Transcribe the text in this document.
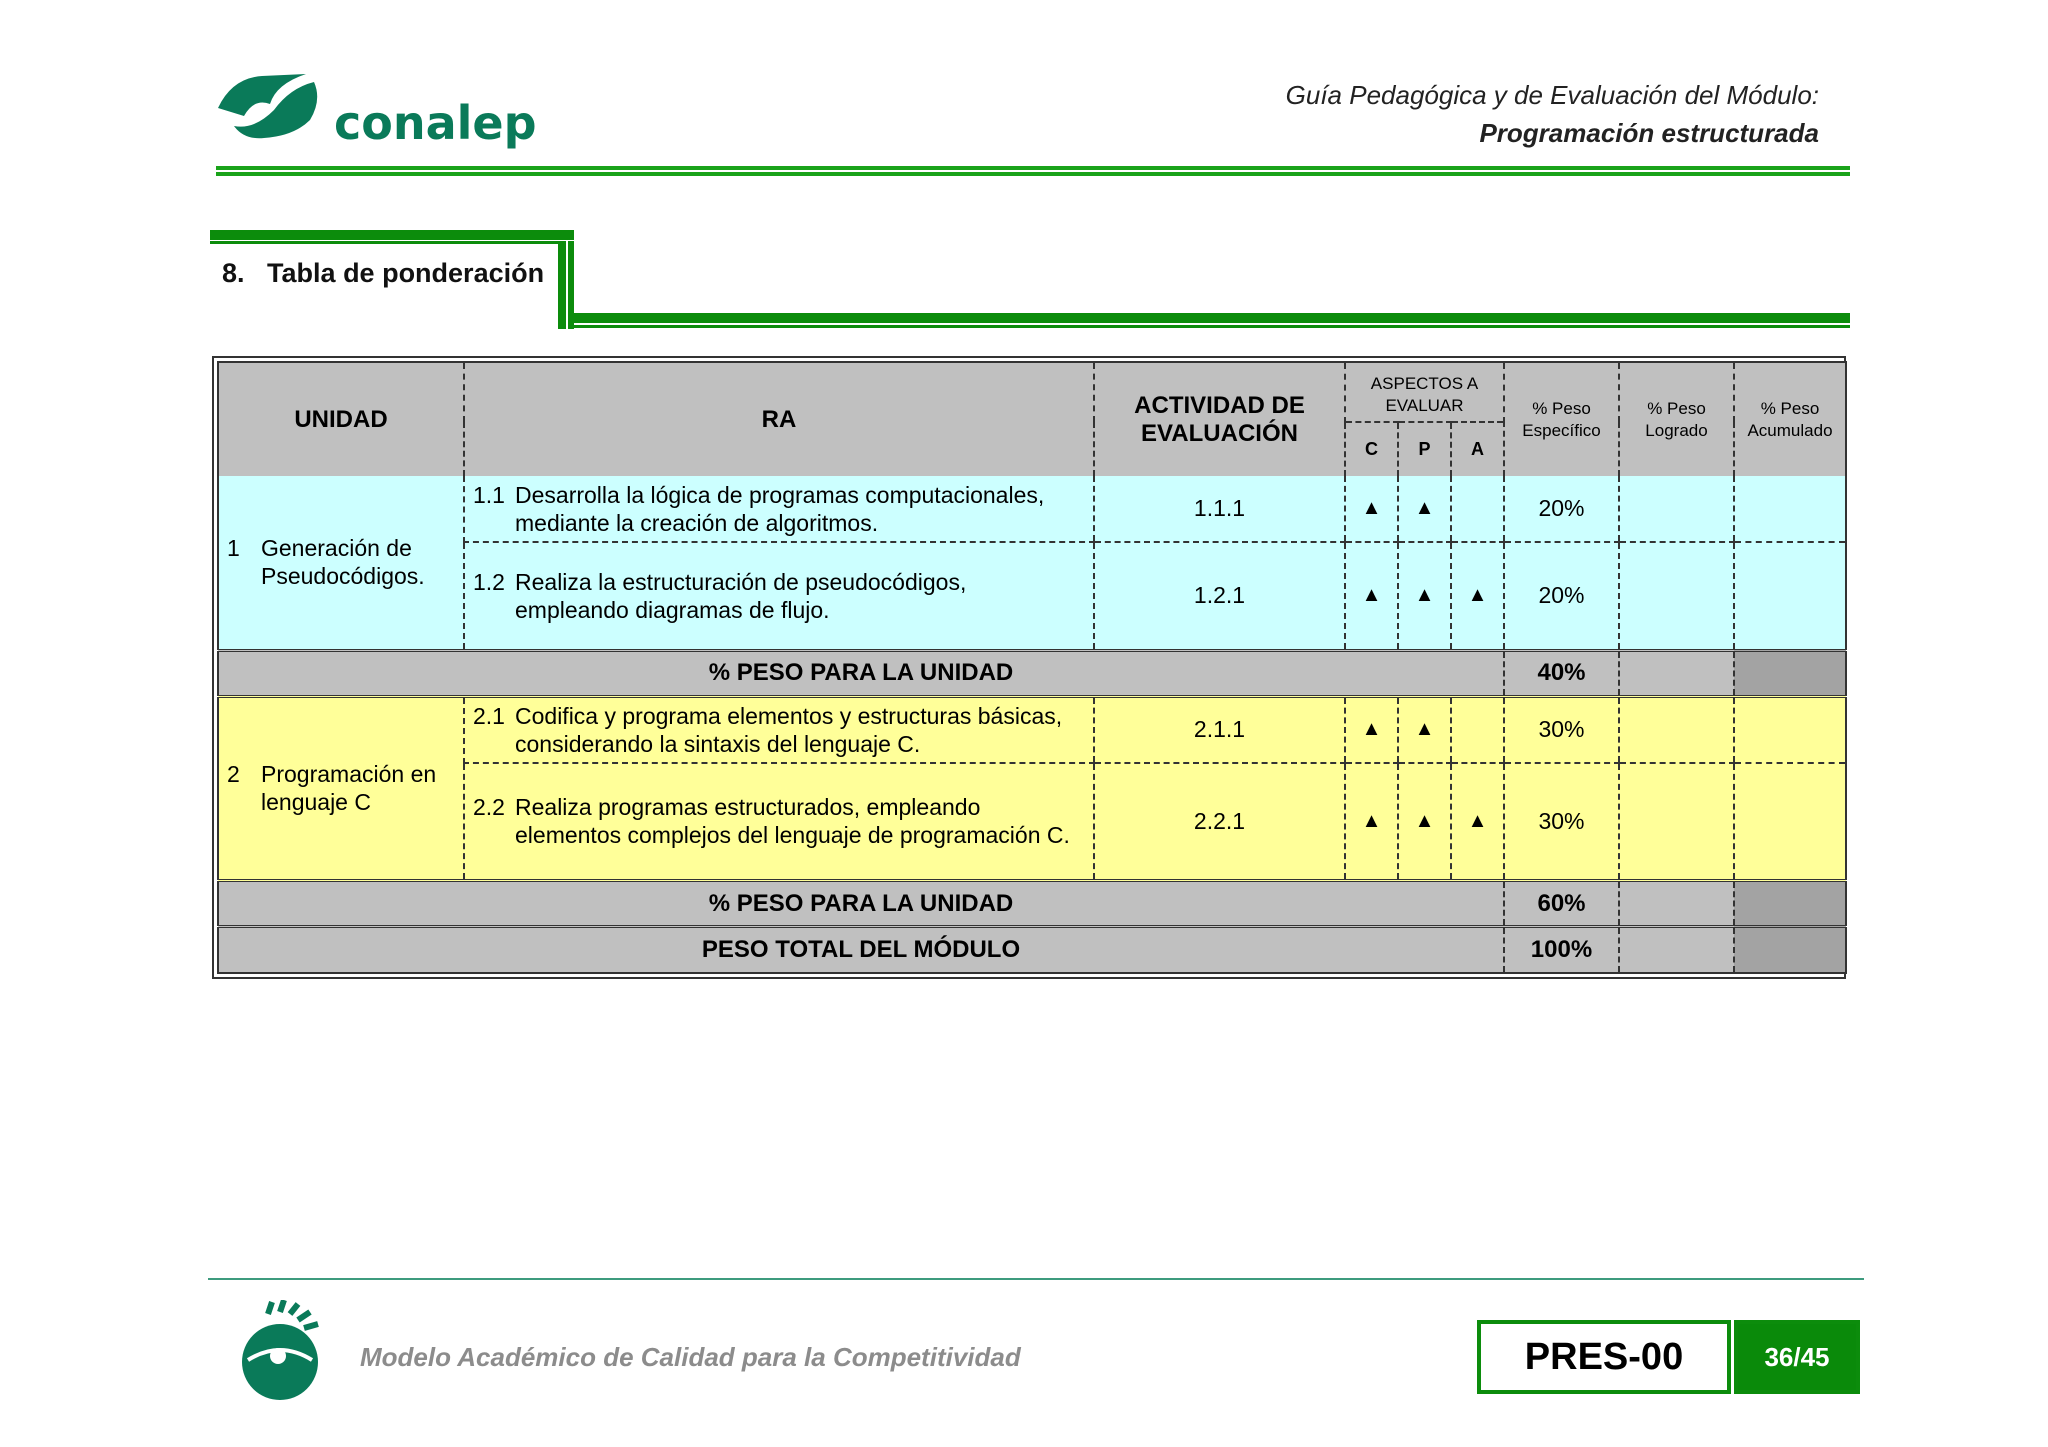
conalep
Guía Pedagógica y de Evaluación del Módulo:
Programación estructurada
8. Tabla de ponderación
UNIDAD	RA	ACTIVIDAD DE EVALUACIÓN	ASPECTOS A EVALUAR			% Peso Específico	% Peso Logrado	% Peso Acumulado
			C	P	A			
1 Generación de Pseudocódigos.	1.1 Desarrolla la lógica de programas computacionales, mediante la creación de algoritmos.	1.1.1	▲	▲		20%		
	1.2 Realiza la estructuración de pseudocódigos, empleando diagramas de flujo.	1.2.1	▲	▲	▲	20%		
% PESO PARA LA UNIDAD						40%		
2 Programación en lenguaje C	2.1 Codifica y programa elementos y estructuras básicas, considerando la sintaxis del lenguaje C.	2.1.1	▲	▲		30%		
	2.2 Realiza programas estructurados, empleando elementos complejos del lenguaje de programación C.	2.2.1	▲	▲	▲	30%		
% PESO PARA LA UNIDAD						60%		
PESO TOTAL DEL MÓDULO						100%		
Modelo Académico de Calidad para la Competitividad	PRES-00	36/45
